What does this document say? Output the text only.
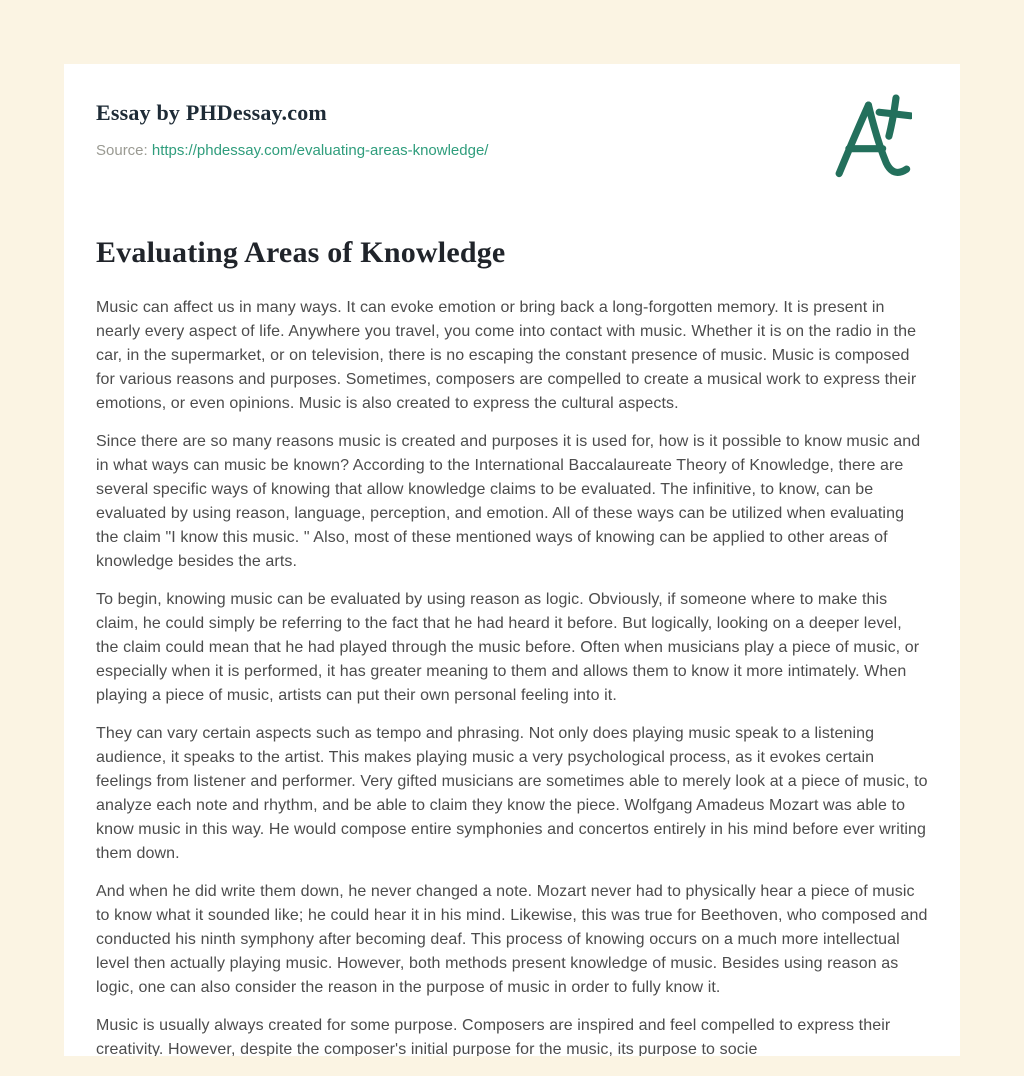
Essay by PHDessay.com
Source: https://phdessay.com/evaluating-areas-knowledge/
Evaluating Areas of Knowledge

Music can affect us in many ways. It can evoke emotion or bring back a long-forgotten memory. It is present in nearly every aspect of life. Anywhere you travel, you come into contact with music. Whether it is on the radio in the car, in the supermarket, or on television, there is no escaping the constant presence of music. Music is composed for various reasons and purposes. Sometimes, composers are compelled to create a musical work to express their emotions, or even opinions. Music is also created to express the cultural aspects.

Since there are so many reasons music is created and purposes it is used for, how is it possible to know music and in what ways can music be known? According to the International Baccalaureate Theory of Knowledge, there are several specific ways of knowing that allow knowledge claims to be evaluated. The infinitive, to know, can be evaluated by using reason, language, perception, and emotion. All of these ways can be utilized when evaluating the claim "I know this music. " Also, most of these mentioned ways of knowing can be applied to other areas of knowledge besides the arts.

To begin, knowing music can be evaluated by using reason as logic. Obviously, if someone where to make this claim, he could simply be referring to the fact that he had heard it before. But logically, looking on a deeper level, the claim could mean that he had played through the music before. Often when musicians play a piece of music, or especially when it is performed, it has greater meaning to them and allows them to know it more intimately. When playing a piece of music, artists can put their own personal feeling into it.

They can vary certain aspects such as tempo and phrasing. Not only does playing music speak to a listening audience, it speaks to the artist. This makes playing music a very psychological process, as it evokes certain feelings from listener and performer. Very gifted musicians are sometimes able to merely look at a piece of music, to analyze each note and rhythm, and be able to claim they know the piece. Wolfgang Amadeus Mozart was able to know music in this way. He would compose entire symphonies and concertos entirely in his mind before ever writing them down.

And when he did write them down, he never changed a note. Mozart never had to physically hear a piece of music to know what it sounded like; he could hear it in his mind. Likewise, this was true for Beethoven, who composed and conducted his ninth symphony after becoming deaf. This process of knowing occurs on a much more intellectual level then actually playing music. However, both methods present knowledge of music. Besides using reason as logic, one can also consider the reason in the purpose of music in order to fully know it.

Music is usually always created for some purpose. Composers are inspired and feel compelled to express their creativity. However, despite the composer's initial purpose for the music, its purpose to socie
